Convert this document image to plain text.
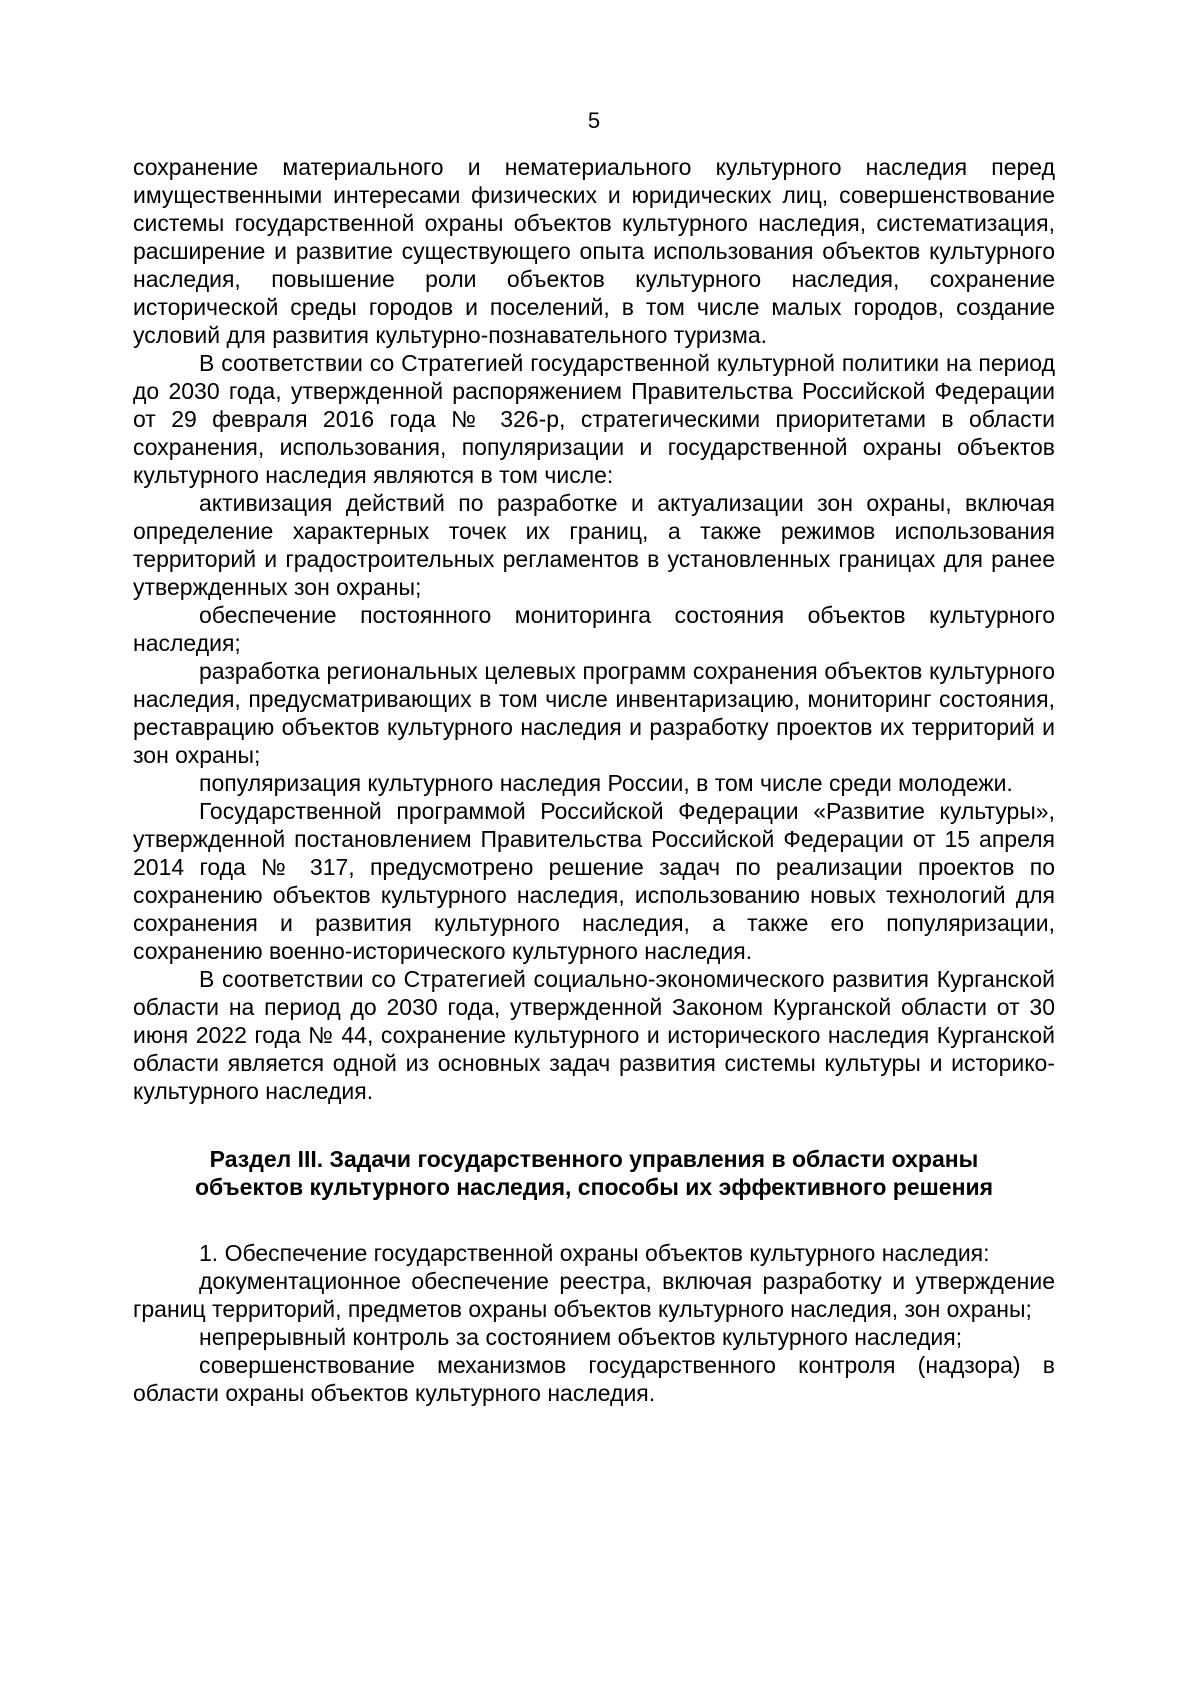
5

сохранение материального и нематериального культурного наследия перед имущественными интересами физических и юридических лиц, совершенствование системы государственной охраны объектов культурного наследия, систематизация, расширение и развитие существующего опыта использования объектов культурного наследия, повышение роли объектов культурного наследия, сохранение исторической среды городов и поселений, в том числе малых городов, создание условий для развития культурно-познавательного туризма.

В соответствии со Стратегией государственной культурной политики на период до 2030 года, утвержденной распоряжением Правительства Российской Федерации от 29 февраля 2016 года № 326-р, стратегическими приоритетами в области сохранения, использования, популяризации и государственной охраны объектов культурного наследия являются в том числе:

активизация действий по разработке и актуализации зон охраны, включая определение характерных точек их границ, а также режимов использования территорий и градостроительных регламентов в установленных границах для ранее утвержденных зон охраны;

обеспечение постоянного мониторинга состояния объектов культурного наследия;

разработка региональных целевых программ сохранения объектов культурного наследия, предусматривающих в том числе инвентаризацию, мониторинг состояния, реставрацию объектов культурного наследия и разработку проектов их территорий и зон охраны;

популяризация культурного наследия России, в том числе среди молодежи.

Государственной программой Российской Федерации «Развитие культуры», утвержденной постановлением Правительства Российской Федерации от 15 апреля 2014 года № 317, предусмотрено решение задач по реализации проектов по сохранению объектов культурного наследия, использованию новых технологий для сохранения и развития культурного наследия, а также его популяризации, сохранению военно-исторического культурного наследия.

В соответствии со Стратегией социально-экономического развития Курганской области на период до 2030 года, утвержденной Законом Курганской области от 30 июня 2022 года № 44, сохранение культурного и исторического наследия Курганской области является одной из основных задач развития системы культуры и историко-культурного наследия.

Раздел III. Задачи государственного управления в области охраны
объектов культурного наследия, способы их эффективного решения

1. Обеспечение государственной охраны объектов культурного наследия:

документационное обеспечение реестра, включая разработку и утверждение границ территорий, предметов охраны объектов культурного наследия, зон охраны;

непрерывный контроль за состоянием объектов культурного наследия;

совершенствование механизмов государственного контроля (надзора) в области охраны объектов культурного наследия.
